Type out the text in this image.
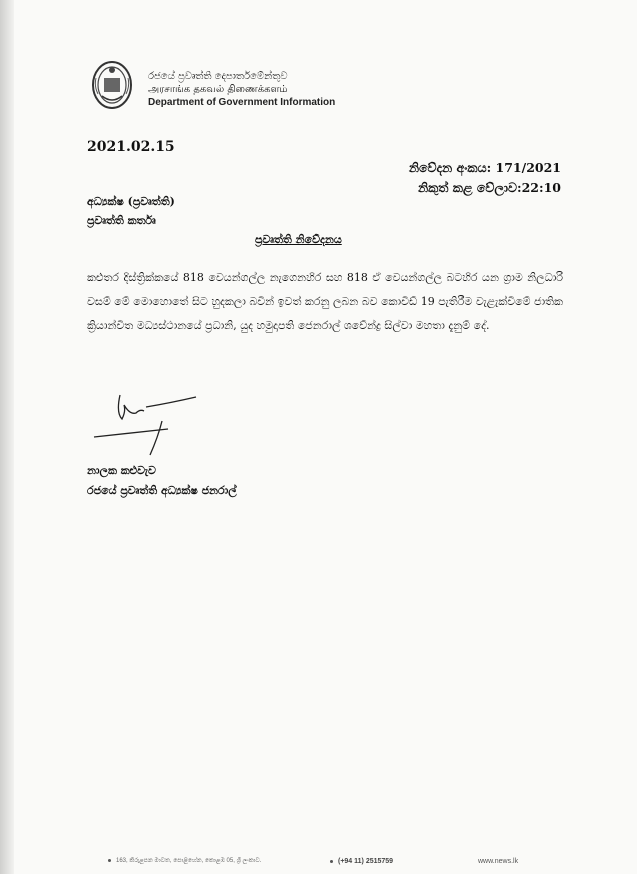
රජයේ ප්‍රවෘත්ති දෙපාර්තමේන්තුව
அரசாங்க தகவல் திணைக்களம்
Department of Government Information
2021.02.15
නිවේදන අංකය: 171/2021
නිකුත් කළ වේලාව:22:10
අධ්‍යක්ෂ (ප්‍රවෘත්ති)
ප්‍රවෘත්ති කර්තෘ
ප්‍රවෘත්ති නිවේදනය
කළුතර දිස්ත්‍රික්කයේ 818 වෙයන්ගල්ල නැගෙනහිර සහ 818 ඒ වෙයන්ගල්ල බටහිර යන ග්‍රාම නිලධාරි වසම් මේ මොහොතේ සිට හුදකලා බවින් ඉවත් කරනු ලබන බව කොවිඩ් 19 පැතිරීම වැළැක්වීමේ ජාතික ක්‍රියාන්විත මධ්‍යස්ථානයේ ප්‍රධානි, යුද හමුදාපති ජෙනරාල් ශවේන්ද්‍ර සිල්වා මහතා දැනුම් දේ.
නාලක කළුවැව
රජයේ ප්‍රවෘත්ති අධ්‍යක්ෂ ජනරාල්
163, කිරුළපන මාවත, පොළිහේන, කොළඹ 05, ශ්‍රී ලංකාව.	(+94 11) 2515759	www.news.lk
